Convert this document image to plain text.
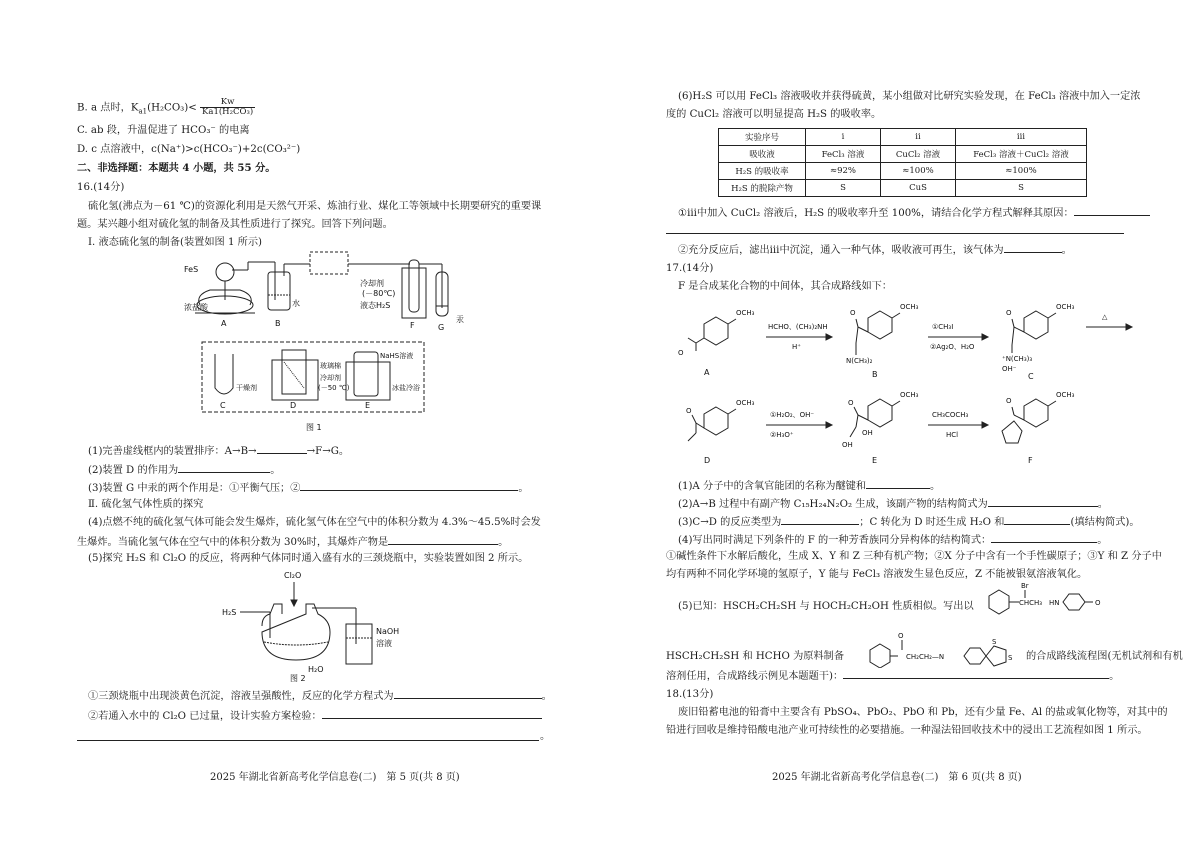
B. a 点时，$K_{a1}(H_2CO_3)< \frac{Kw}{\text{Ka1(H₂CO₃)}}$
C. ab 段，升温促进了 HCO₃⁻ 的电离
D. c 点溶液中，c(Na⁺)>c(HCO₃⁻)+2c(CO₃²⁻)
二、非选择题：本题共 4 小题，共 55 分。
16.(14分)
硫化氢(沸点为－61 ℃)的资源化利用是天然气开采、炼油行业、煤化工等领域中长期要研究的重要课
题。某兴趣小组对硫化氢的制备及其性质进行了探究。回答下列问题。
Ⅰ. 液态硫化氢的制备(装置如图 1 所示)
FeS
浓盐酸
A
水
B
冷却剂
(－80℃)
液态H₂S
F	G
汞
干燥剂
玻璃棉
冷却剂
(－50 ℃)
NaHS溶液
冰盐冷浴
C	D	E
图 1
(1)完善虚线框内的装置排序：A→B→	→F→G。
(2)装置 D 的作用为	。
(3)装置 G 中汞的两个作用是：①平衡气压；②	。
Ⅱ. 硫化氢气体性质的探究
(4)点燃不纯的硫化氢气体可能会发生爆炸，硫化氢气体在空气中的体积分数为 4.3%～45.5%时会发
生爆炸。当硫化氢气体在空气中的体积分数为 30%时，其爆炸产物是	。
(5)探究 H₂S 和 Cl₂O 的反应，将两种气体同时通入盛有水的三颈烧瓶中，实验装置如图 2 所示。
Cl₂O
H₂S
H₂O
NaOH
溶液
图 2
①三颈烧瓶中出现淡黄色沉淀，溶液呈强酸性，反应的化学方程式为	。
②若通入水中的 Cl₂O 已过量，设计实验方案检验：
。
2025 年湖北省新高考化学信息卷(二)　第 5 页(共 8 页)
(6)H₂S 可以用 FeCl₃ 溶液吸收并获得硫黄，某小组做对比研究实验发现，在 FeCl₃ 溶液中加入一定浓
度的 CuCl₂ 溶液可以明显提高 H₂S 的吸收率。
实验序号	ⅰ	ⅱ	ⅲ
吸收液	FeCl₃ 溶液	CuCl₂ 溶液	FeCl₃ 溶液＋CuCl₂ 溶液
H₂S 的吸收率	≈92%	≈100%	≈100%
H₂S 的脱除产物	S	CuS	S
①ⅲ中加入 CuCl₂ 溶液后，H₂S 的吸收率升至 100%，请结合化学方程式解释其原因：
②充分反应后，滤出ⅲ中沉淀，通入一种气体，吸收液可再生，该气体为	。
17.(14分)
F 是合成某化合物的中间体，其合成路线如下：
OCH₃
O
A
HCHO、(CH₃)₂NH
H⁺
OCH₃
O
N(CH₃)₂
B
①CH₃I
②Ag₂O、H₂O
OCH₃
O
⁺N(CH₃)₃
OH⁻
C
△
OCH₃
O
D
①H₂O₂、OH⁻
②H₃O⁺
OCH₃
O
OH
OH
E
CH₃COCH₃
HCl
OCH₃
O
F
(1)A 分子中的含氧官能团的名称为醚键和	。
(2)A→B 过程中有副产物 C₁₅H₂₄N₂O₂ 生成，该副产物的结构简式为	。
(3)C→D 的反应类型为	；C 转化为 D 时还生成 H₂O 和	(填结构简式)。
(4)写出同时满足下列条件的 F 的一种芳香族同分异构体的结构简式：	。
①碱性条件下水解后酸化，生成 X、Y 和 Z 三种有机产物；②X 分子中含有一个手性碳原子；③Y 和 Z 分子中
均有两种不同化学环境的氢原子，Y 能与 FeCl₃ 溶液发生显色反应，Z 不能被银氨溶液氧化。
(5)已知：HSCH₂CH₂SH 与 HOCH₂CH₂OH 性质相似。写出以
Br
CHCH₃ HN	O
HSCH₂CH₂SH 和 HCHO 为原料制备
O
CH₂CH₂—N
S
S 的合成路线流程图(无机试剂和有机
溶剂任用，合成路线示例见本题题干)：	。
18.(13分)
废旧铅蓄电池的铅膏中主要含有 PbSO₄、PbO₂、PbO 和 Pb，还有少量 Fe、Al 的盐或氧化物等，对其中的
铅进行回收是维持铅酸电池产业可持续性的必要措施。一种湿法铅回收技术中的浸出工艺流程如图 1 所示。
2025 年湖北省新高考化学信息卷(二)　第 6 页(共 8 页)
